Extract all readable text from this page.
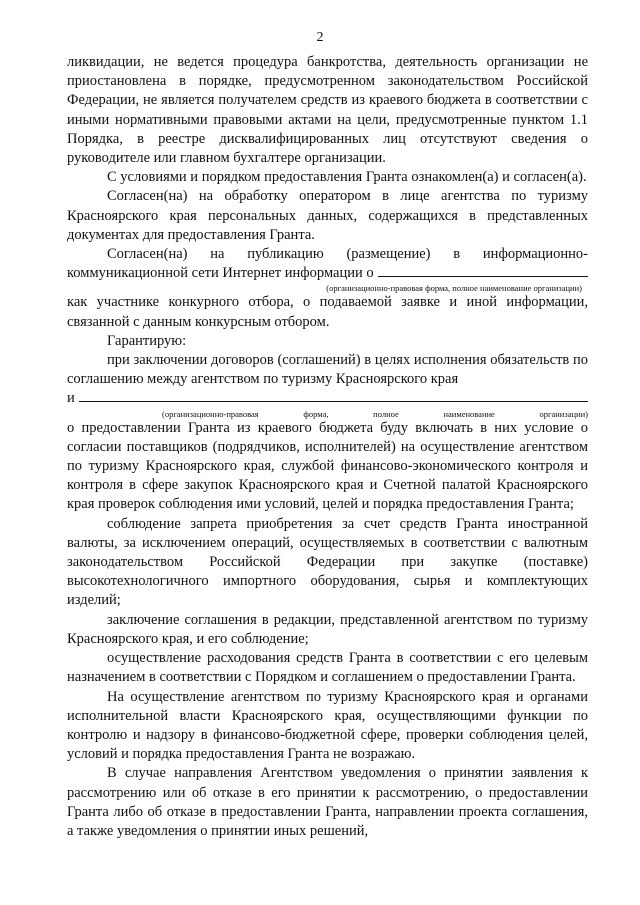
2

ликвидации, не ведется процедура банкротства, деятельность организации не приостановлена в порядке, предусмотренном законодательством Российской Федерации, не является получателем средств из краевого бюджета в соответствии с иными нормативными правовыми актами на цели, предусмотренные пунктом 1.1 Порядка, в реестре дисквалифицированных лиц отсутствуют сведения о руководителе или главном бухгалтере организации.

С условиями и порядком предоставления Гранта ознакомлен(а) и согласен(а).

Согласен(на) на обработку оператором в лице агентства по туризму Красноярского края персональных данных, содержащихся в представленных документах для предоставления Гранта.

Согласен(на) на публикацию (размещение) в информационно-

коммуникационной сети Интернет информации о
(организационно-правовая форма, полное наименование организации)

как участнике конкурного отбора, о подаваемой заявке и иной информации, связанной с данным конкурсным отбором.

Гарантирую:

при заключении договоров (соглашений) в целях исполнения обязательств по соглашению между агентством по туризму Красноярского края

и
(организационно-правовая	форма,	полное	наименование	организации)

о предоставлении Гранта из краевого бюджета буду включать в них условие о согласии поставщиков (подрядчиков, исполнителей) на осуществление агентством по туризму Красноярского края, службой финансово-экономического контроля и контроля в сфере закупок Красноярского края и Счетной палатой Красноярского края проверок соблюдения ими условий, целей и порядка предоставления Гранта;

соблюдение запрета приобретения за счет средств Гранта иностранной валюты, за исключением операций, осуществляемых в соответствии с валютным законодательством Российской Федерации при закупке (поставке) высокотехнологичного импортного оборудования, сырья и комплектующих изделий;

заключение соглашения в редакции, представленной агентством по туризму Красноярского края, и его соблюдение;

осуществление расходования средств Гранта в соответствии с его целевым назначением в соответствии с Порядком и соглашением о предоставлении Гранта.

На осуществление агентством по туризму Красноярского края и органами исполнительной власти Красноярского края, осуществляющими функции по контролю и надзору в финансово-бюджетной сфере, проверки соблюдения целей, условий и порядка предоставления Гранта не возражаю.

В случае направления Агентством уведомления о принятии заявления к рассмотрению или об отказе в его принятии к рассмотрению, о предоставлении Гранта либо об отказе в предоставлении Гранта, направлении проекта соглашения, а также уведомления о принятии иных решений,
